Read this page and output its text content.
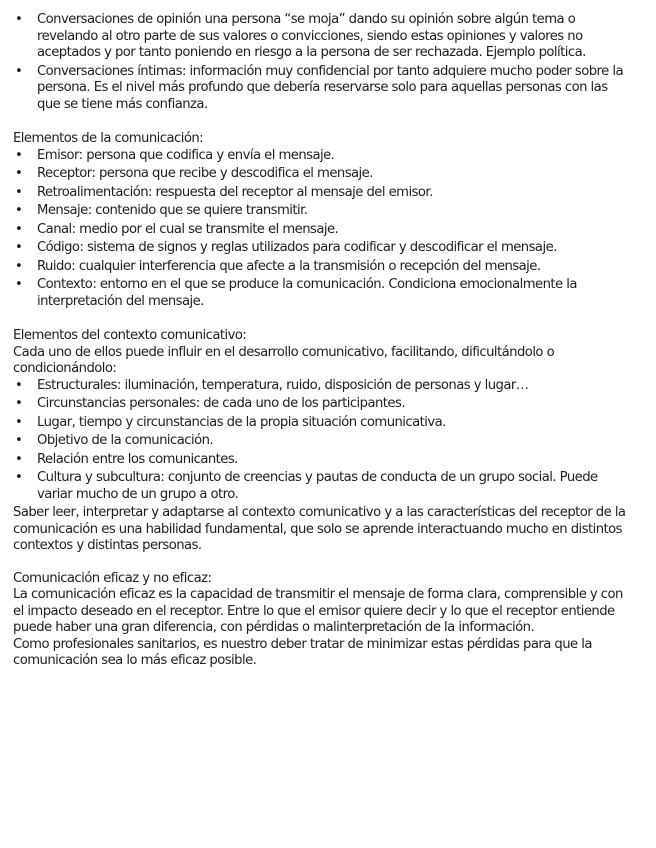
• Conversaciones de opinión una persona “se moja” dando su opinión sobre algún tema o revelando al otro parte de sus valores o convicciones, siendo estas opiniones y valores no aceptados y por tanto poniendo en riesgo a la persona de ser rechazada. Ejemplo política.
• Conversaciones íntimas: información muy confidencial por tanto adquiere mucho poder sobre la persona. Es el nivel más profundo que debería reservarse solo para aquellas personas con las que se tiene más confianza.

Elementos de la comunicación:

• Emisor: persona que codifica y envía el mensaje.
• Receptor: persona que recibe y descodifica el mensaje.
• Retroalimentación: respuesta del receptor al mensaje del emisor.
• Mensaje: contenido que se quiere transmitir.
• Canal: medio por el cual se transmite el mensaje.
• Código: sistema de signos y reglas utilizados para codificar y descodificar el mensaje.
• Ruido: cualquier interferencia que afecte a la transmisión o recepción del mensaje.
• Contexto: entorno en el que se produce la comunicación. Condiciona emocionalmente la interpretación del mensaje.

Elementos del contexto comunicativo:

Cada uno de ellos puede influir en el desarrollo comunicativo, facilitando, dificultándolo o condicionándolo:

• Estructurales: iluminación, temperatura, ruido, disposición de personas y lugar…
• Circunstancias personales: de cada uno de los participantes.
• Lugar, tiempo y circunstancias de la propia situación comunicativa.
• Objetivo de la comunicación.
• Relación entre los comunicantes.
• Cultura y subcultura: conjunto de creencias y pautas de conducta de un grupo social. Puede variar mucho de un grupo a otro.

Saber leer, interpretar y adaptarse al contexto comunicativo y a las características del receptor de la comunicación es una habilidad fundamental, que solo se aprende interactuando mucho en distintos contextos y distintas personas.

Comunicación eficaz y no eficaz:

La comunicación eficaz es la capacidad de transmitir el mensaje de forma clara, comprensible y con el impacto deseado en el receptor. Entre lo que el emisor quiere decir y lo que el receptor entiende puede haber una gran diferencia, con pérdidas o malinterpretación de la información.

Como profesionales sanitarios, es nuestro deber tratar de minimizar estas pérdidas para que la comunicación sea lo más eficaz posible.
